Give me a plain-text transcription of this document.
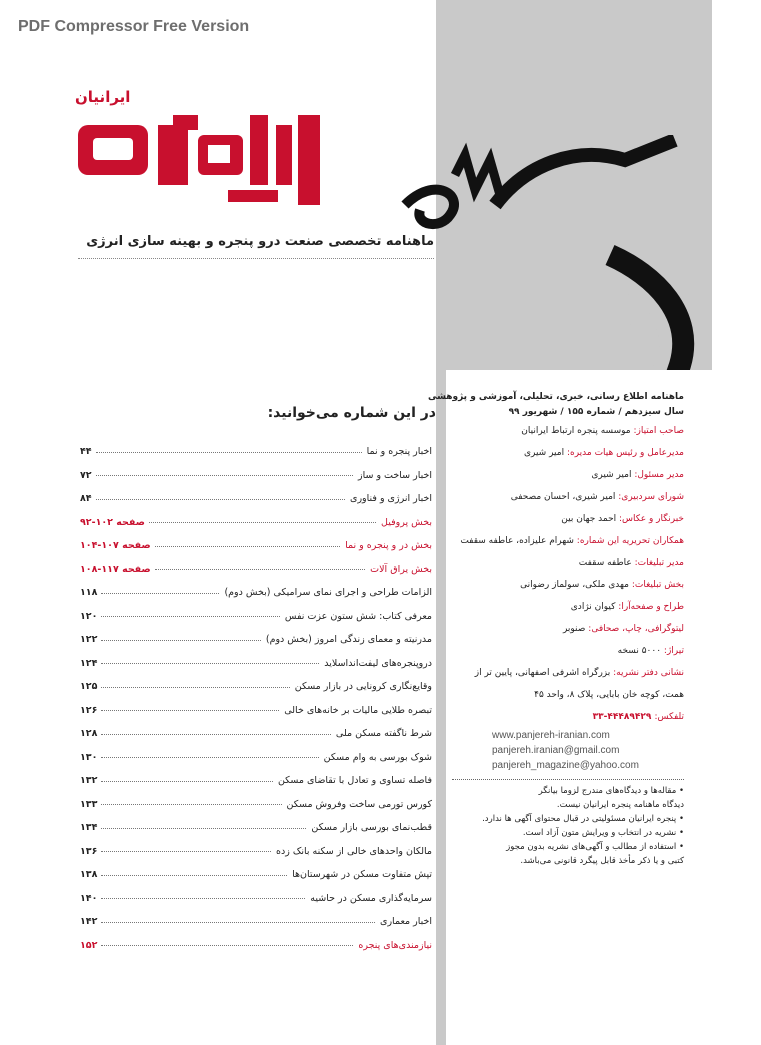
PDF Compressor Free Version
ایرانیان
پنجره
ماهنامه تخصصی صنعت درو پنجره و بهینه سازی انرژی
در این شماره می‌خوانید:
اخبار پنجره و نما
۴۴
اخبار ساخت و ساز
۷۲
اخبار انرژی و فناوری
۸۴
بخش پروفیل
صفحه ۱۰۲-۹۲
بخش در و پنجره و نما
صفحه ۱۰۷-۱۰۴
بخش یراق آلات
صفحه ۱۱۷-۱۰۸
الزامات طراحی و اجرای نمای سرامیکی (بخش دوم)
۱۱۸
معرفی کتاب: شش ستون عزت نفس
۱۲۰
مدرنیته و معمای زندگی امروز (بخش دوم)
۱۲۲
دروپنجره‌های لیفت‌اند‌اسلاید
۱۲۴
وقایع‌نگاری کرونایی در بازار مسکن
۱۲۵
تبصره طلایی مالیات بر خانه‌های خالی
۱۲۶
شرط ناگفته مسکن ملی
۱۲۸
شوک بورسی به وام مسکن
۱۳۰
فاصله تساوی و تعادل با تقاضای مسکن
۱۳۲
کورس تورمی ساخت وفروش مسکن
۱۳۳
قطب‌نمای بورسی بازار مسکن
۱۳۴
مالکان واحدهای خالی از سکنه بانک زده
۱۳۶
تپش متفاوت مسکن در شهرستان‌ها
۱۳۸
سرمایه‌گذاری مسکن در حاشیه
۱۴۰
اخبار معماری
۱۴۲
نیازمندی‌های پنجره
۱۵۲
ماهنامه اطلاع رسانی، خبری، تحلیلی، آموزشی و پژوهشی
سال سیزدهم / شماره ۱۵۵ / شهریور ۹۹
صاحب امتیاز: موسسه پنجره ارتباط ایرانیان
مدیرعامل و رئیس هیات مدیره: امیر شیری
مدیر مسئول: امیر شیری
شورای سردبیری: امیر شیری، احسان مصحفی
خبرنگار و عکاس: احمد جهان بین
همکاران تحریریه این شماره: شهرام علیزاده، عاطفه سقفت
مدیر تبلیغات: عاطفه سقفت
بخش تبلیغات: مهدی ملکی، سولماز رضوانی
طراح و صفحه‌آرا: کیوان نژادی
لیتوگرافی، چاپ، صحافی: صنوبر
تیراژ: ۵۰۰۰ نسخه
نشانی دفتر نشریه: بزرگراه اشرفی اصفهانی، پایین تر از
همت، کوچه خان بابایی، پلاک ۸، واحد ۴۵
تلفکس: ۴۴۴۸۹۴۲۹-۳۳
www.panjereh-iranian.com
panjereh.iranian@gmail.com
panjereh_magazine@yahoo.com
• مقاله‌ها و دیدگاه‌های مندرج لزوما بیانگر
دیدگاه ماهنامه پنجره ایرانیان نیست.
• پنجره ایرانیان مسئولیتی در قبال محتوای آگهی ها ندارد.
• نشریه در انتخاب و ویرایش متون آزاد است.
• استفاده از مطالب و آگهی‌های نشریه بدون مجوز
کتبی و یا ذکر مأخذ قابل پیگرد قانونی می‌باشد.
